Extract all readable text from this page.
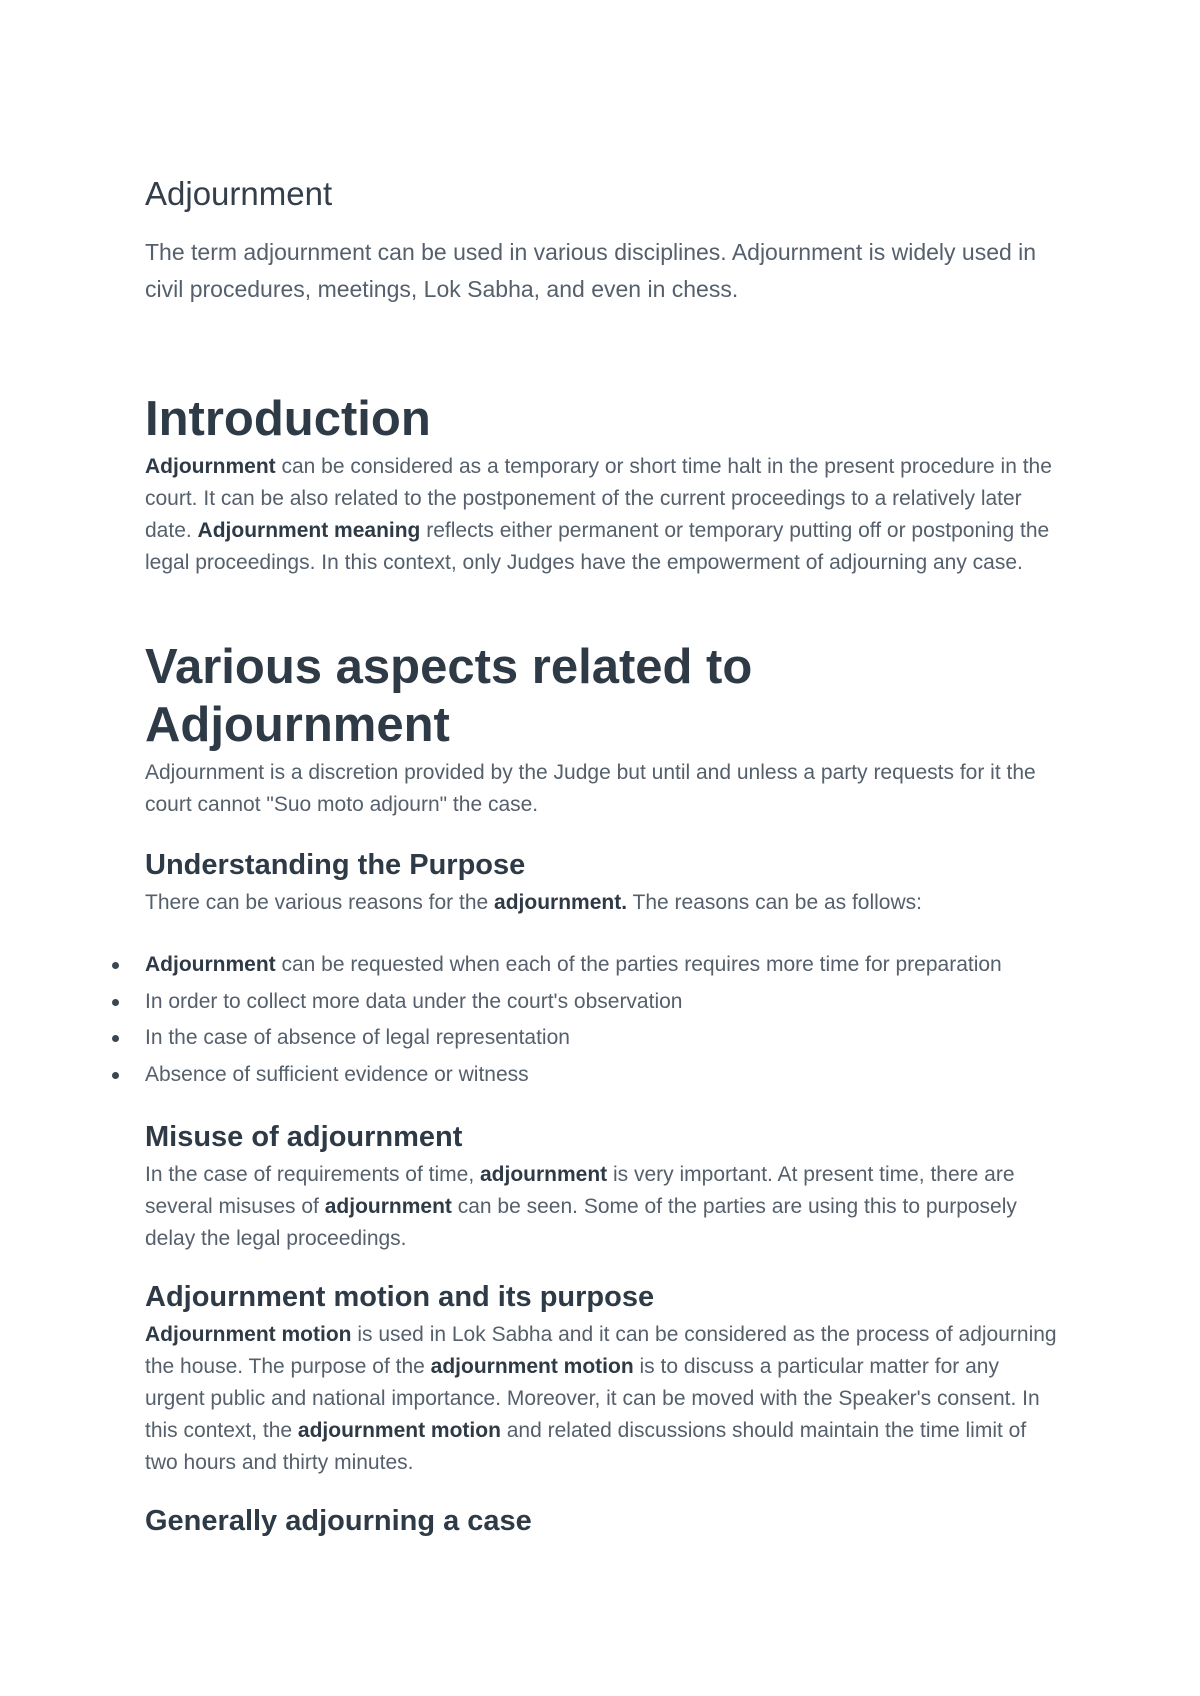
Adjournment

The term adjournment can be used in various disciplines. Adjournment is widely used in civil procedures, meetings, Lok Sabha, and even in chess.

Introduction

Adjournment can be considered as a temporary or short time halt in the present procedure in the court. It can be also related to the postponement of the current proceedings to a relatively later date. Adjournment meaning reflects either permanent or temporary putting off or postponing the legal proceedings. In this context, only Judges have the empowerment of adjourning any case.

Various aspects related to
Adjournment

Adjournment is a discretion provided by the Judge but until and unless a party requests for it the court cannot "Suo moto adjourn" the case.

Understanding the Purpose

There can be various reasons for the adjournment. The reasons can be as follows:

Adjournment can be requested when each of the parties requires more time for preparation
In order to collect more data under the court's observation
In the case of absence of legal representation
Absence of sufficient evidence or witness
Misuse of adjournment

In the case of requirements of time, adjournment is very important. At present time, there are several misuses of adjournment can be seen. Some of the parties are using this to purposely delay the legal proceedings.

Adjournment motion and its purpose

Adjournment motion is used in Lok Sabha and it can be considered as the process of adjourning the house. The purpose of the adjournment motion is to discuss a particular matter for any urgent public and national importance. Moreover, it can be moved with the Speaker's consent. In this context, the adjournment motion and related discussions should maintain the time limit of two hours and thirty minutes.

Generally adjourning a case
